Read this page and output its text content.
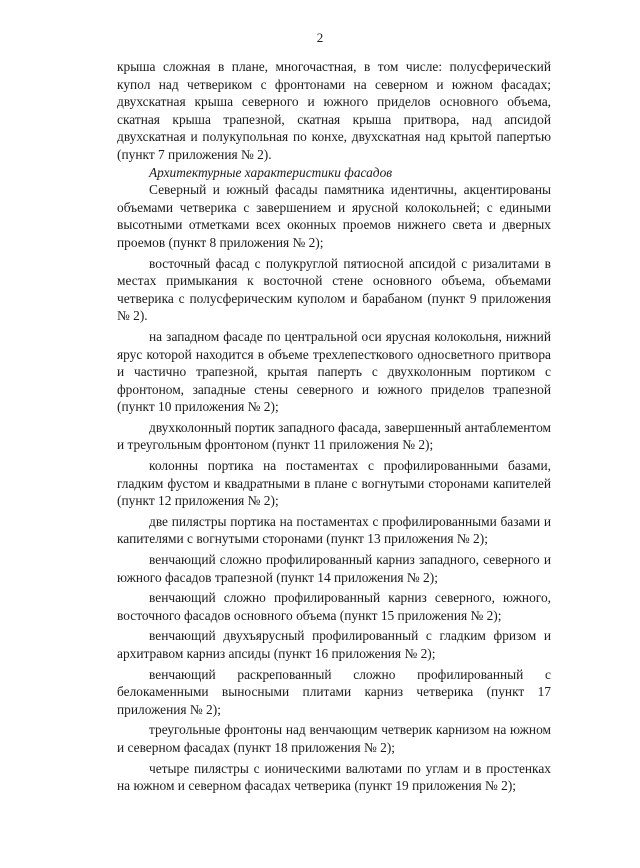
2

крыша сложная в плане, многочастная, в том числе: полусферический купол над четвериком с фронтонами на северном и южном фасадах; двухскатная крыша северного и южного приделов основного объема, скатная крыша трапезной, скатная крыша притвора, над апсидой двухскатная и полукупольная по конхе, двухскатная над крытой папертью (пункт 7 приложения № 2).

Архитектурные характеристики фасадов

Северный и южный фасады памятника идентичны, акцентированы объемами четверика с завершением и ярусной колокольней; с едиными высотными отметками всех оконных проемов нижнего света и дверных проемов (пункт 8 приложения № 2);

восточный фасад с полукруглой пятиосной апсидой с ризалитами в местах примыкания к восточной стене основного объема, объемами четверика с полусферическим куполом и барабаном (пункт 9 приложения № 2).

на западном фасаде по центральной оси ярусная колокольня, нижний ярус которой находится в объеме трехлепесткового односветного притвора и частично трапезной, крытая паперть с двухколонным портиком с фронтоном, западные стены северного и южного приделов трапезной (пункт 10 приложения № 2);

двухколонный портик западного фасада, завершенный антаблементом и треугольным фронтоном (пункт 11 приложения № 2);

колонны портика на постаментах с профилированными базами, гладким фустом и квадратными в плане с вогнутыми сторонами капителей (пункт 12 приложения № 2);

две пилястры портика на постаментах с профилированными базами и капителями с вогнутыми сторонами (пункт 13 приложения № 2);

венчающий сложно профилированный карниз западного, северного и южного фасадов трапезной (пункт 14 приложения № 2);

венчающий сложно профилированный карниз северного, южного, восточного фасадов основного объема (пункт 15 приложения № 2);

венчающий двухъярусный профилированный с гладким фризом и архитравом карниз апсиды (пункт 16 приложения № 2);

венчающий раскрепованный сложно профилированный с белокаменными выносными плитами карниз четверика (пункт 17 приложения № 2);

треугольные фронтоны над венчающим четверик карнизом на южном и северном фасадах (пункт 18 приложения № 2);

четыре пилястры с ионическими валютами по углам и в простенках на южном и северном фасадах четверика (пункт 19 приложения № 2);
